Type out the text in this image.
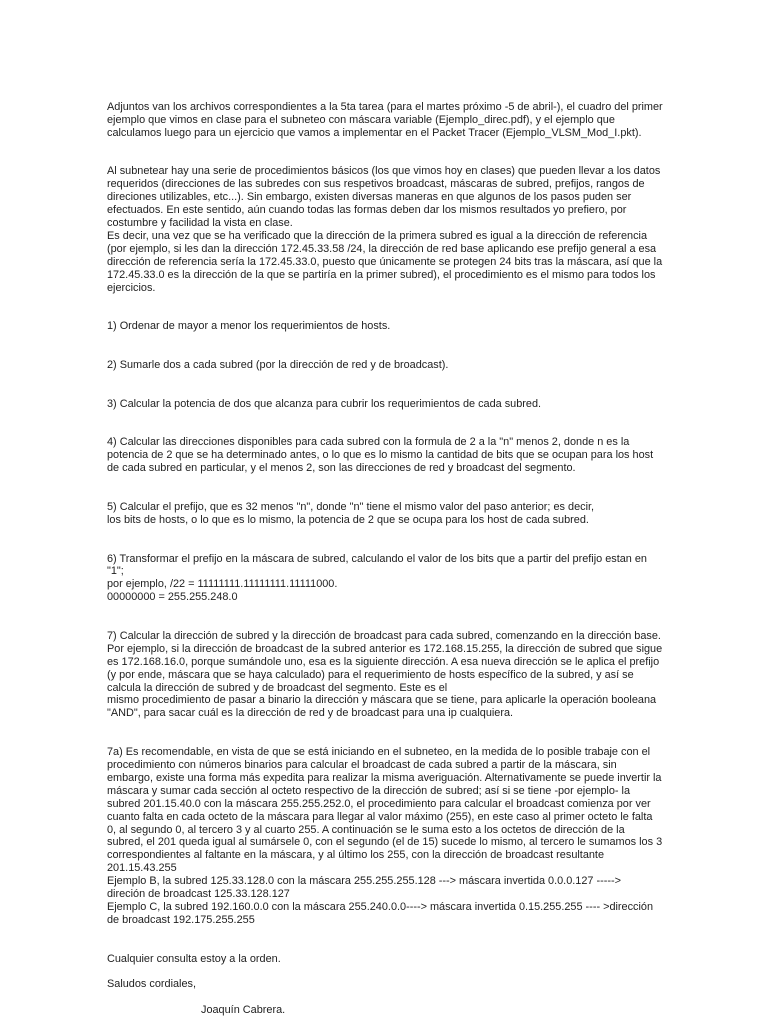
Adjuntos van los archivos correspondientes a la 5ta tarea (para el martes próximo -5 de abril-), el cuadro del primer ejemplo que vimos en clase para el subneteo con máscara variable (Ejemplo_direc.pdf), y el ejemplo que calculamos luego para un ejercicio que vamos a implementar en el Packet Tracer (Ejemplo_VLSM_Mod_I.pkt).

Al subnetear hay una serie de procedimientos básicos (los que vimos hoy en clases) que pueden llevar a los datos requeridos (direcciones de las subredes con sus respetivos broadcast, máscaras de subred, prefijos, rangos de direciones utilizables, etc...). Sin embargo, existen diversas maneras en que algunos de los pasos puden ser efectuados. En este sentido, aún cuando todas las formas deben dar los mismos resultados yo prefiero, por costumbre y facilidad la vista en clase.
Es decir, una vez que se ha verificado que la dirección de la primera subred es igual a la dirección de referencia (por ejemplo, si les dan la dirección 172.45.33.58 /24, la dirección de red base aplicando ese prefijo general a esa dirección de referencia sería la 172.45.33.0, puesto que únicamente se protegen 24 bits tras la máscara, así que la 172.45.33.0 es la dirección de la que se partiría en la primer subred), el procedimiento es el mismo para todos los ejercicios.

1) Ordenar de mayor a menor los requerimientos de hosts.

2) Sumarle dos a cada subred (por la dirección de red y de broadcast).

3) Calcular la potencia de dos que alcanza para cubrir los requerimientos de cada subred.

4) Calcular las direcciones disponibles para cada subred con la formula de 2 a la "n" menos 2, donde n es la potencia de 2 que se ha determinado antes, o lo que es lo mismo la cantidad de bits que se ocupan para los host de cada subred en particular, y el menos 2, son las direcciones de red y broadcast del segmento.

5) Calcular el prefijo, que es 32 menos "n", donde "n" tiene el mismo valor del paso anterior; es decir,
los bits de hosts, o lo que es lo mismo, la potencia de 2 que se ocupa para los host de cada subred.

6) Transformar el prefijo en la máscara de subred, calculando el valor de los bits que a partir del prefijo estan en "1";
por ejemplo, /22 = 11111111.11111111.11111000.
00000000 = 255.255.248.0

7) Calcular la dirección de subred y la dirección de broadcast para cada subred, comenzando en la dirección base.
Por ejemplo, si la dirección de broadcast de la subred anterior es 172.168.15.255, la dirección de subred que sigue es 172.168.16.0, porque sumándole uno, esa es la siguiente dirección. A esa nueva dirección se le aplica el prefijo (y por ende, máscara que se haya calculado) para el requerimiento de hosts específico de la subred, y así se calcula la dirección de subred y de broadcast del segmento. Este es el
mismo procedimiento de pasar a binario la dirección y máscara que se tiene, para aplicarle la operación booleana "AND", para sacar cuál es la dirección de red y de broadcast para una ip cualquiera.

7a) Es recomendable, en vista de que se está iniciando en el subneteo, en la medida de lo posible trabaje con el procedimiento con números binarios para calcular el broadcast de cada subred a partir de la máscara, sin embargo, existe una forma más expedita para realizar la misma averiguación. Alternativamente se puede invertir la máscara y sumar cada sección al octeto respectivo de la dirección de subred; así si se tiene -por ejemplo- la subred 201.15.40.0 con la máscara 255.255.252.0, el procedimiento para calcular el broadcast comienza por ver cuanto falta en cada octeto de la máscara para llegar al valor máximo (255), en este caso al primer octeto le falta 0, al segundo 0, al tercero 3 y al cuarto 255. A continuación se le suma esto a los octetos de dirección de la subred, el 201 queda igual al sumársele 0, con el segundo (el de 15) sucede lo mismo, al tercero le sumamos los 3 correspondientes al faltante en la máscara, y al último los 255, con la dirección de broadcast resultante 201.15.43.255
Ejemplo B, la subred 125.33.128.0 con la máscara 255.255.255.128 ---> máscara invertida 0.0.0.127 ----->
direción de broadcast 125.33.128.127
Ejemplo C, la subred 192.160.0.0 con la máscara 255.240.0.0----> máscara invertida 0.15.255.255 ---- >dirección de broadcast 192.175.255.255

Cualquier consulta estoy a la orden.

Saludos cordiales,

Joaquín Cabrera.
